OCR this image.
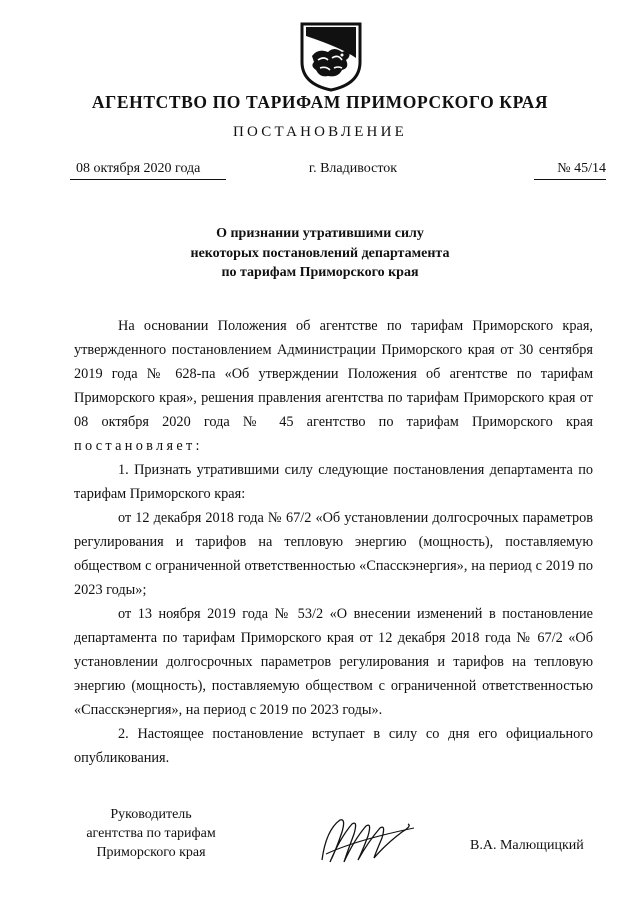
АГЕНТСТВО ПО ТАРИФАМ ПРИМОРСКОГО КРАЯ
ПОСТАНОВЛЕНИЕ
08 октября 2020 года	г. Владивосток	№ 45/14
О признании утратившими силу
некоторых постановлений департамента
по тарифам Приморского края

На основании Положения об агентстве по тарифам Приморского края, утвержденного постановлением Администрации Приморского края от 30 сентября 2019 года № 628-па «Об утверждении Положения об агентстве по тарифам Приморского края», решения правления агентства по тарифам Приморского края от 08 октября 2020 года № 45 агентство по тарифам Приморского края постановляет:

1. Признать утратившими силу следующие постановления департамента по тарифам Приморского края:

от 12 декабря 2018 года № 67/2 «Об установлении долгосрочных параметров регулирования и тарифов на тепловую энергию (мощность), поставляемую обществом с ограниченной ответственностью «Спасскэнергия», на период с 2019 по 2023 годы»;

от 13 ноября 2019 года № 53/2 «О внесении изменений в постановление департамента по тарифам Приморского края от 12 декабря 2018 года № 67/2 «Об установлении долгосрочных параметров регулирования и тарифов на тепловую энергию (мощность), поставляемую обществом с ограниченной ответственностью «Спасскэнергия», на период с 2019 по 2023 годы».

2. Настоящее постановление вступает в силу со дня его официального опубликования.

Руководитель
агентства по тарифам
Приморского края	В.А. Малющицкий
